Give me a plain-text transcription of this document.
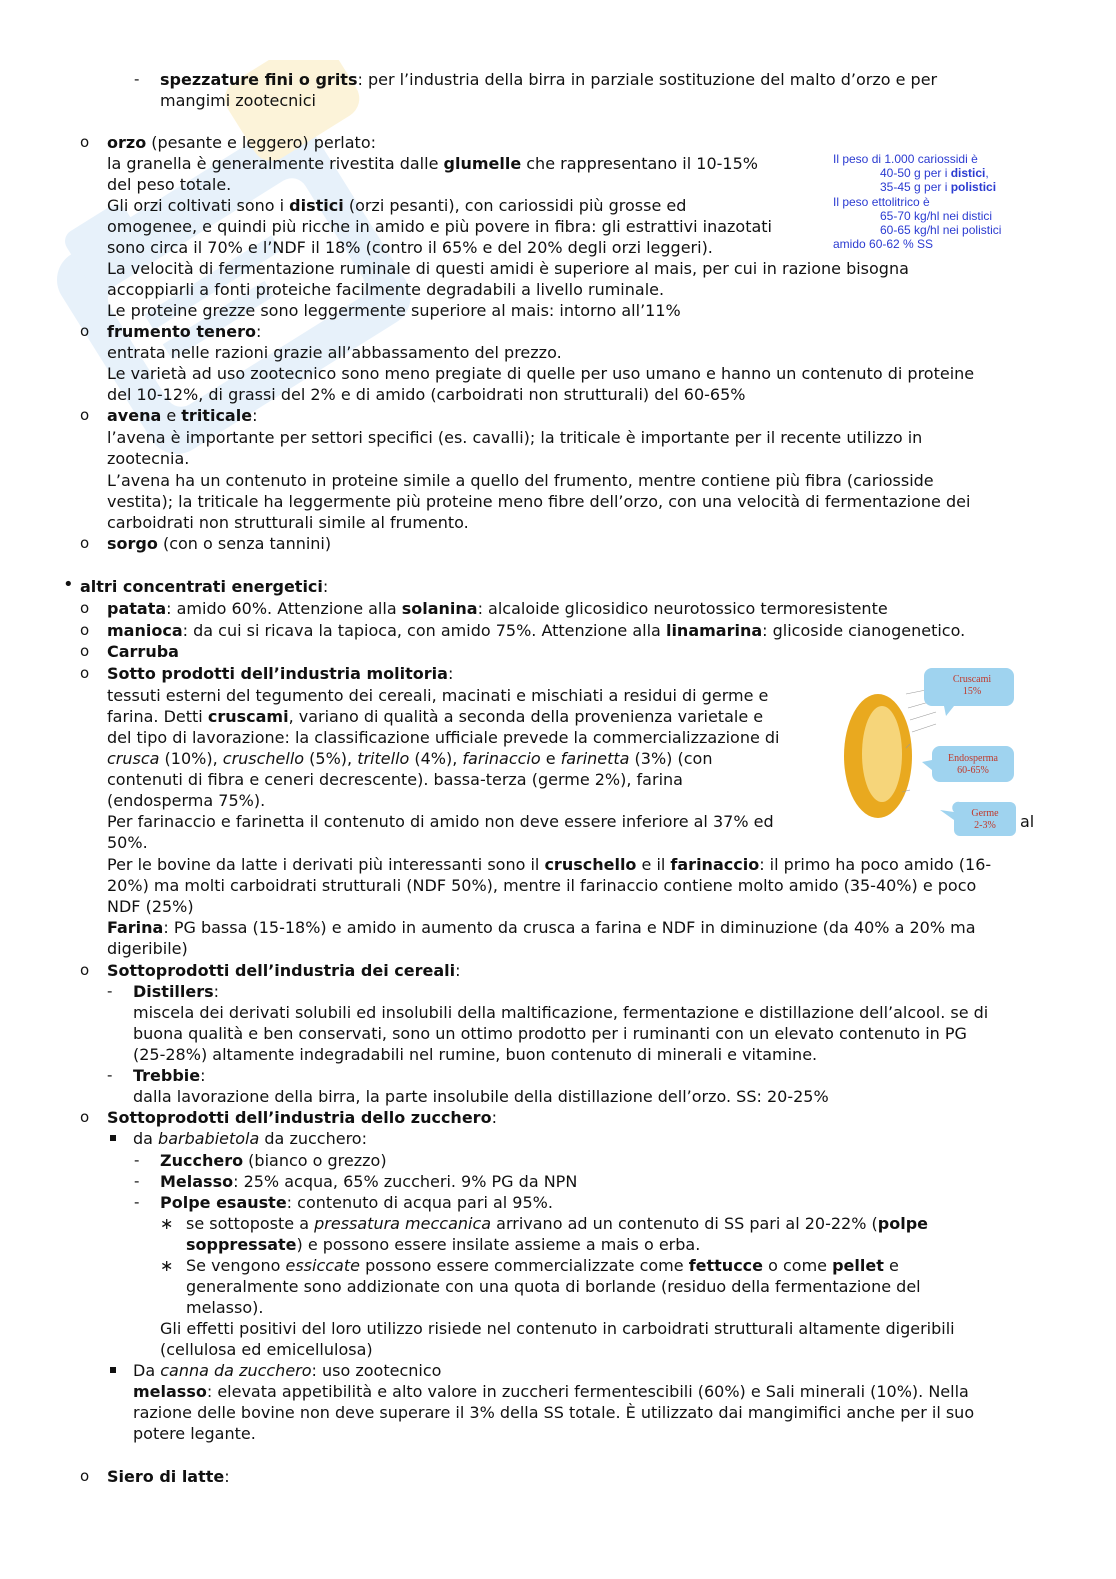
- spezzature fini o grits: per l’industria della birra in parziale sostituzione del malto d’orzo e per
mangimi zootecnici
o orzo (pesante e leggero) perlato:
la granella è generalmente rivestita dalle glumelle che rappresentano il 10-15%
del peso totale.
Gli orzi coltivati sono i distici (orzi pesanti), con cariossidi più grosse ed
omogenee, e quindi più ricche in amido e più povere in fibra: gli estrattivi inazotati
sono circa il 70% e l’NDF il 18% (contro il 65% e del 20% degli orzi leggeri).
La velocità di fermentazione ruminale di questi amidi è superiore al mais, per cui in razione bisogna
accoppiarli a fonti proteiche facilmente degradabili a livello ruminale.
Le proteine grezze sono leggermente superiore al mais: intorno all’11%
Il peso di 1.000 cariossidi è
40-50 g per i distici,
35-45 g per i polistici
Il peso ettolitrico è
65-70 kg/hl nei distici
60-65 kg/hl nei polistici
amido 60-62 % SS
o frumento tenero:
entrata nelle razioni grazie all’abbassamento del prezzo.
Le varietà ad uso zootecnico sono meno pregiate di quelle per uso umano e hanno un contenuto di proteine
del 10-12%, di grassi del 2% e di amido (carboidrati non strutturali) del 60-65%
o avena e triticale:
l’avena è importante per settori specifici (es. cavalli); la triticale è importante per il recente utilizzo in
zootecnia.
L’avena ha un contenuto in proteine simile a quello del frumento, mentre contiene più fibra (cariosside
vestita); la triticale ha leggermente più proteine meno fibre dell’orzo, con una velocità di fermentazione dei
carboidrati non strutturali simile al frumento.
o sorgo (con o senza tannini)
• altri concentrati energetici:
o patata: amido 60%. Attenzione alla solanina: alcaloide glicosidico neurotossico termoresistente
o manioca: da cui si ricava la tapioca, con amido 75%. Attenzione alla linamarina: glicoside cianogenetico.
o Carruba
o Sotto prodotti dell’industria molitoria:
tessuti esterni del tegumento dei cereali, macinati e mischiati a residui di germe e
farina. Detti cruscami, variano di qualità a seconda della provenienza varietale e
del tipo di lavorazione: la classificazione ufficiale prevede la commercializzazione di
crusca (10%), cruschello (5%), tritello (4%), farinaccio e farinetta (3%) (con
contenuti di fibra e ceneri decrescente). bassa-terza (germe 2%), farina
(endosperma 75%).
Per farinaccio e farinetta il contenuto di amido non deve essere inferiore al 37% ed	al
50%.
Per le bovine da latte i derivati più interessanti sono il cruschello e il farinaccio: il primo ha poco amido (16-
20%) ma molti carboidrati strutturali (NDF 50%), mentre il farinaccio contiene molto amido (35-40%) e poco
NDF (25%)
Farina: PG bassa (15-18%) e amido in aumento da crusca a farina e NDF in diminuzione (da 40% a 20% ma
digeribile)
Cruscami
15%
Endosperma
60-65%
Germe
2-3%
o Sottoprodotti dell’industria dei cereali:
- Distillers:
miscela dei derivati solubili ed insolubili della maltificazione, fermentazione e distillazione dell’alcool. se di
buona qualità e ben conservati, sono un ottimo prodotto per i ruminanti con un elevato contenuto in PG
(25-28%) altamente indegradabili nel rumine, buon contenuto di minerali e vitamine.
- Trebbie:
dalla lavorazione della birra, la parte insolubile della distillazione dell’orzo. SS: 20-25%
o Sottoprodotti dell’industria dello zucchero:
da barbabietola da zucchero:
- Zucchero (bianco o grezzo)
- Melasso: 25% acqua, 65% zuccheri. 9% PG da NPN
- Polpe esauste: contenuto di acqua pari al 95%.
∗ se sottoposte a pressatura meccanica arrivano ad un contenuto di SS pari al 20-22% (polpe
soppressate) e possono essere insilate assieme a mais o erba.
∗ Se vengono essiccate possono essere commercializzate come fettucce o come pellet e
generalmente sono addizionate con una quota di borlande (residuo della fermentazione del
melasso).
Gli effetti positivi del loro utilizzo risiede nel contenuto in carboidrati strutturali altamente digeribili
(cellulosa ed emicellulosa)
Da canna da zucchero: uso zootecnico
melasso: elevata appetibilità e alto valore in zuccheri fermentescibili (60%) e Sali minerali (10%). Nella
razione delle bovine non deve superare il 3% della SS totale. È utilizzato dai mangimifici anche per il suo
potere legante.
o Siero di latte:
